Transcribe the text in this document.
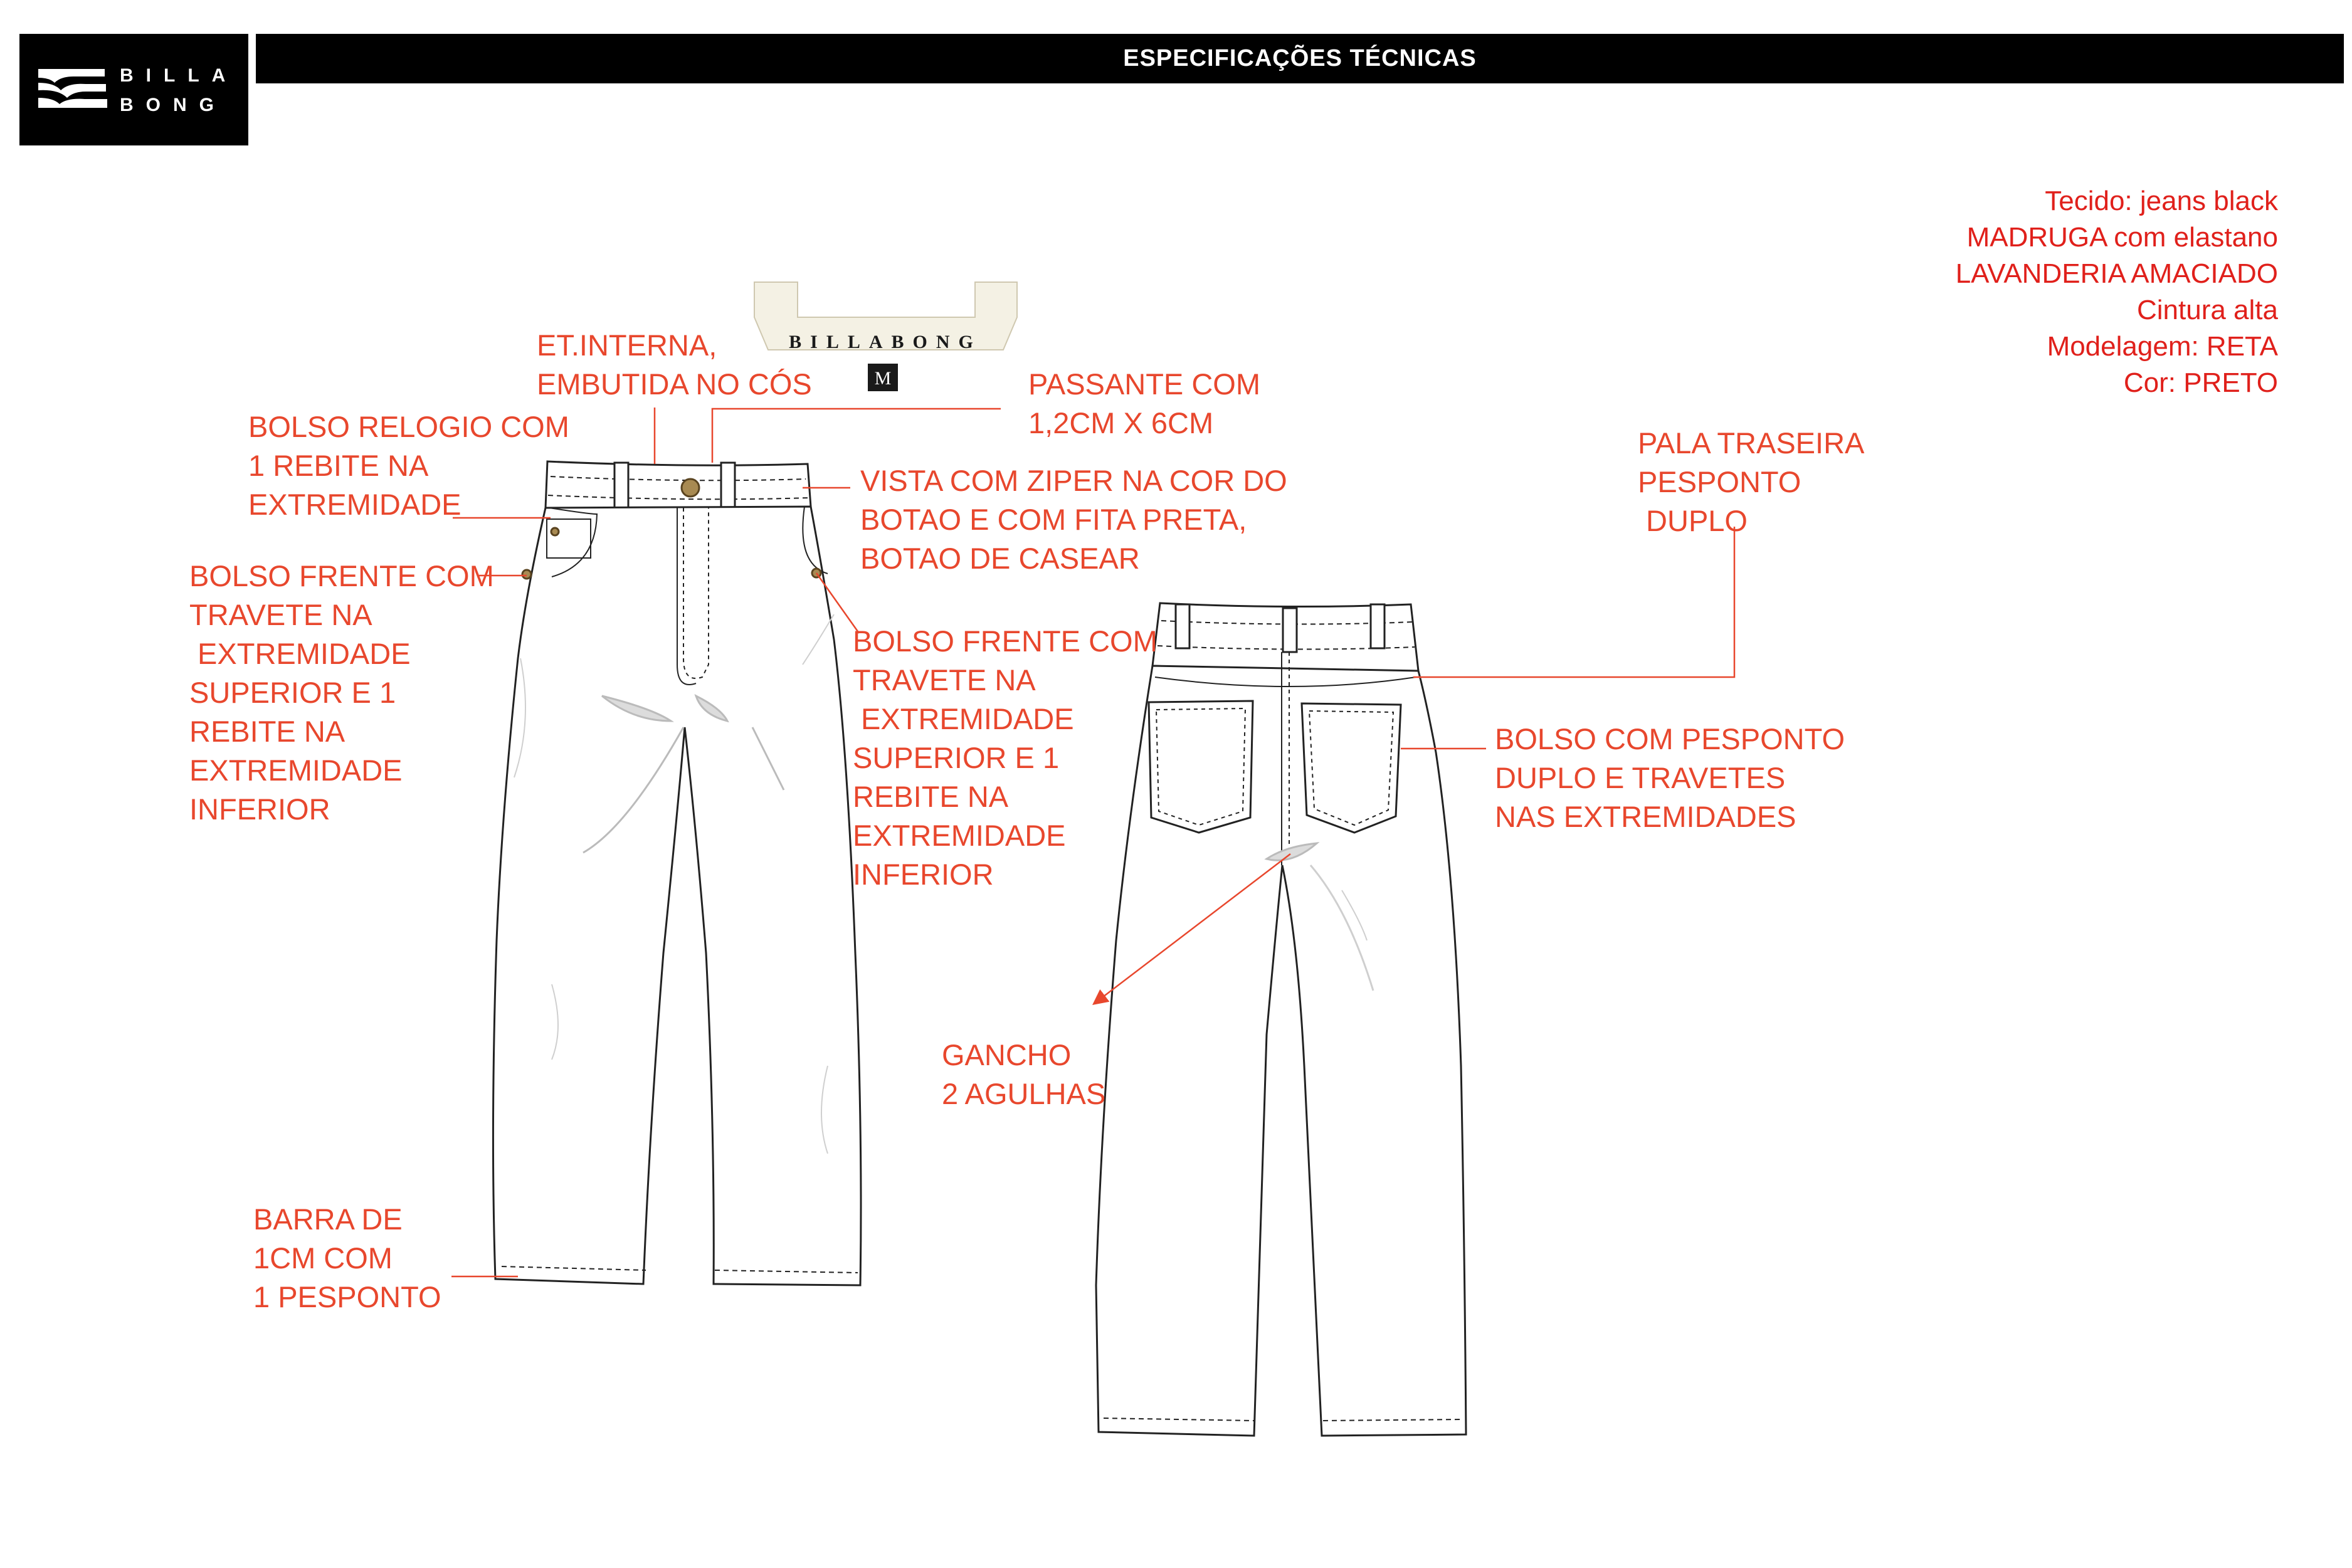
BILLA
BONG
ESPECIFICAÇÕES TÉCNICAS
Tecido: jeans black
MADRUGA com elastano
LAVANDERIA AMACIADO
Cintura alta
Modelagem: RETA
Cor: PRETO
BILLABONG
M
ET.INTERNA,
EMBUTIDA NO CÓS	PASSANTE COM
1,2CM X 6CM
BOLSO RELOGIO COM
1 REBITE NA
EXTREMIDADE
VISTA COM ZIPER NA COR DO
BOTAO E COM FITA PRETA,
BOTAO DE CASEAR
BOLSO FRENTE COM
TRAVETE NA
EXTREMIDADE
SUPERIOR E 1
REBITE NA
EXTREMIDADE
INFERIOR
BOLSO FRENTE COM
TRAVETE NA
EXTREMIDADE
SUPERIOR E 1
REBITE NA
EXTREMIDADE
INFERIOR
PALA TRASEIRA
PESPONTO
DUPLO
BOLSO COM PESPONTO
DUPLO E TRAVETES
NAS EXTREMIDADES
GANCHO
2 AGULHAS
BARRA DE
1CM COM
1 PESPONTO
